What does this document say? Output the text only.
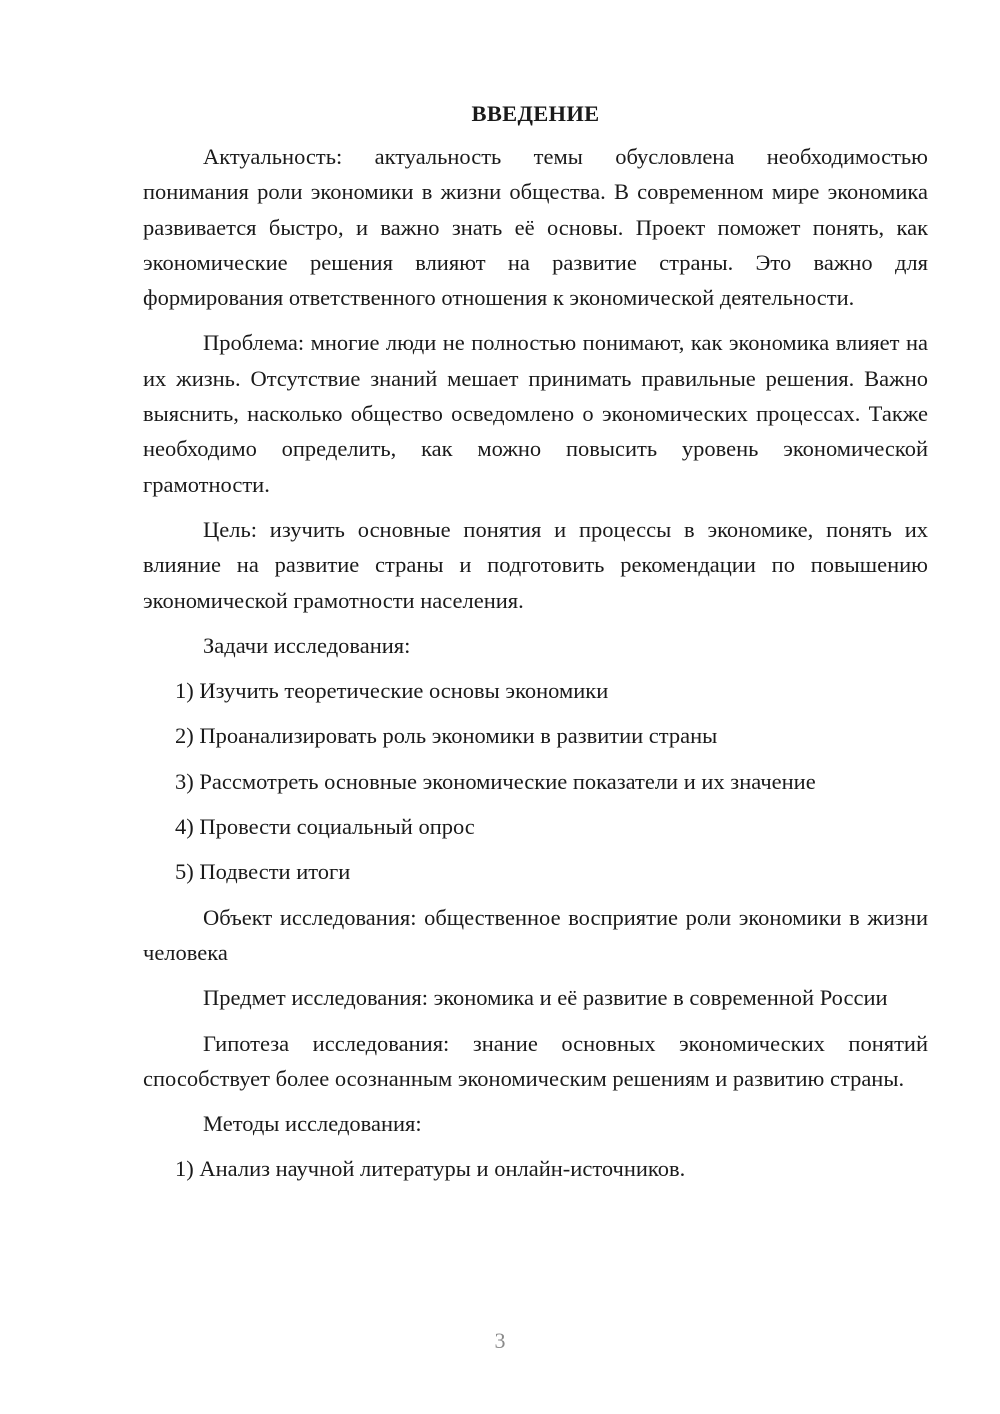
ВВЕДЕНИЕ

Актуальность: актуальность темы обусловлена необходимостью понимания роли экономики в жизни общества. В современном мире экономика развивается быстро, и важно знать её основы. Проект поможет понять, как экономические решения влияют на развитие страны. Это важно для формирования ответственного отношения к экономической деятельности.

Проблема: многие люди не полностью понимают, как экономика влияет на их жизнь. Отсутствие знаний мешает принимать правильные решения. Важно выяснить, насколько общество осведомлено о экономических процессах. Также необходимо определить, как можно повысить уровень экономической грамотности.

Цель: изучить основные понятия и процессы в экономике, понять их влияние на развитие страны и подготовить рекомендации по повышению экономической грамотности населения.

Задачи исследования:

1) Изучить теоретические основы экономики

2) Проанализировать роль экономики в развитии страны

3) Рассмотреть основные экономические показатели и их значение

4) Провести социальный опрос

5) Подвести итоги

Объект исследования: общественное восприятие роли экономики в жизни человека

Предмет исследования: экономика и её развитие в современной России

Гипотеза исследования: знание основных экономических понятий способствует более осознанным экономическим решениям и развитию страны.

Методы исследования:

1) Анализ научной литературы и онлайн-источников.

3
